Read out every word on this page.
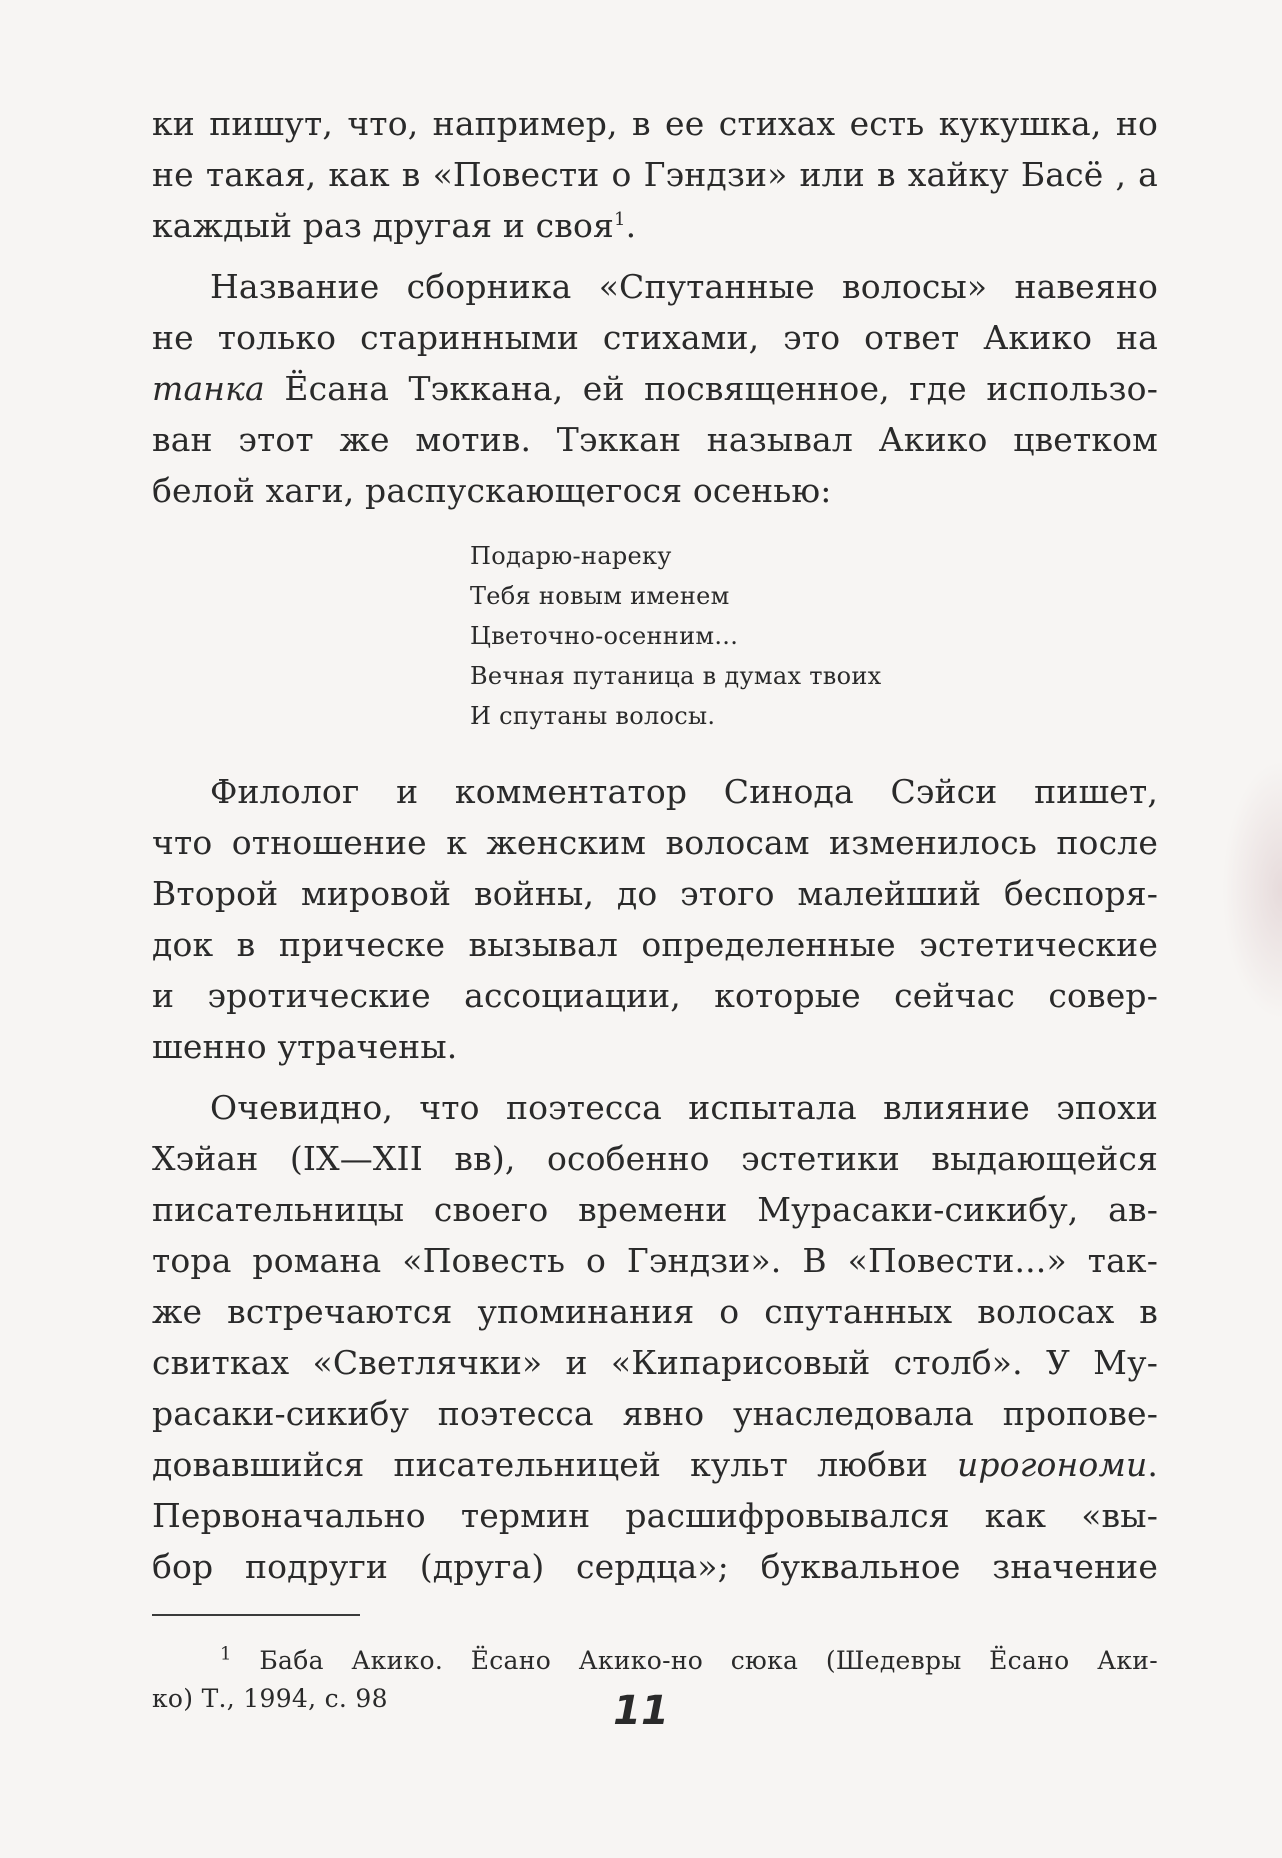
ки пишут, что, например, в ее стихах есть кукушка, но
не такая, как в «Повести о Гэндзи» или в хайку Басё , а
каждый раз другая и своя$^1$.
Название сборника «Спутанные волосы» навеяно
не только старинными стихами, это ответ Акико на
танка Ёсана Тэккана, ей посвященное, где использо-
ван этот же мотив. Тэккан называл Акико цветком
белой хаги, распускающегося осенью:
Подарю-нареку
Тебя новым именем
Цветочно-осенним...
Вечная путаница в думах твоих
И спутаны волосы.
Филолог и комментатор Синода Сэйси пишет,
что отношение к женским волосам изменилось после
Второй мировой войны, до этого малейший беспоря-
док в прическе вызывал определенные эстетические
и эротические ассоциации, которые сейчас совер-
шенно утрачены.
Очевидно, что поэтесса испытала влияние эпохи
Хэйан (IX—XII вв), особенно эстетики выдающейся
писательницы своего времени Мурасаки-сикибу, ав-
тора романа «Повесть о Гэндзи». В «Повести...» так-
же встречаются упоминания о спутанных волосах в
свитках «Светлячки» и «Кипарисовый столб». У Му-
расаки-сикибу поэтесса явно унаследовала пропове-
довавшийся писательницей культ любви ирогономи.
Первоначально термин расшифровывался как «вы-
бор подруги (друга) сердца»; буквальное значение
$^1$ Баба Акико. Ёсано Акико-но сюка (Шедевры Ёсано Аки-
ко) Т., 1994, с. 98	11
